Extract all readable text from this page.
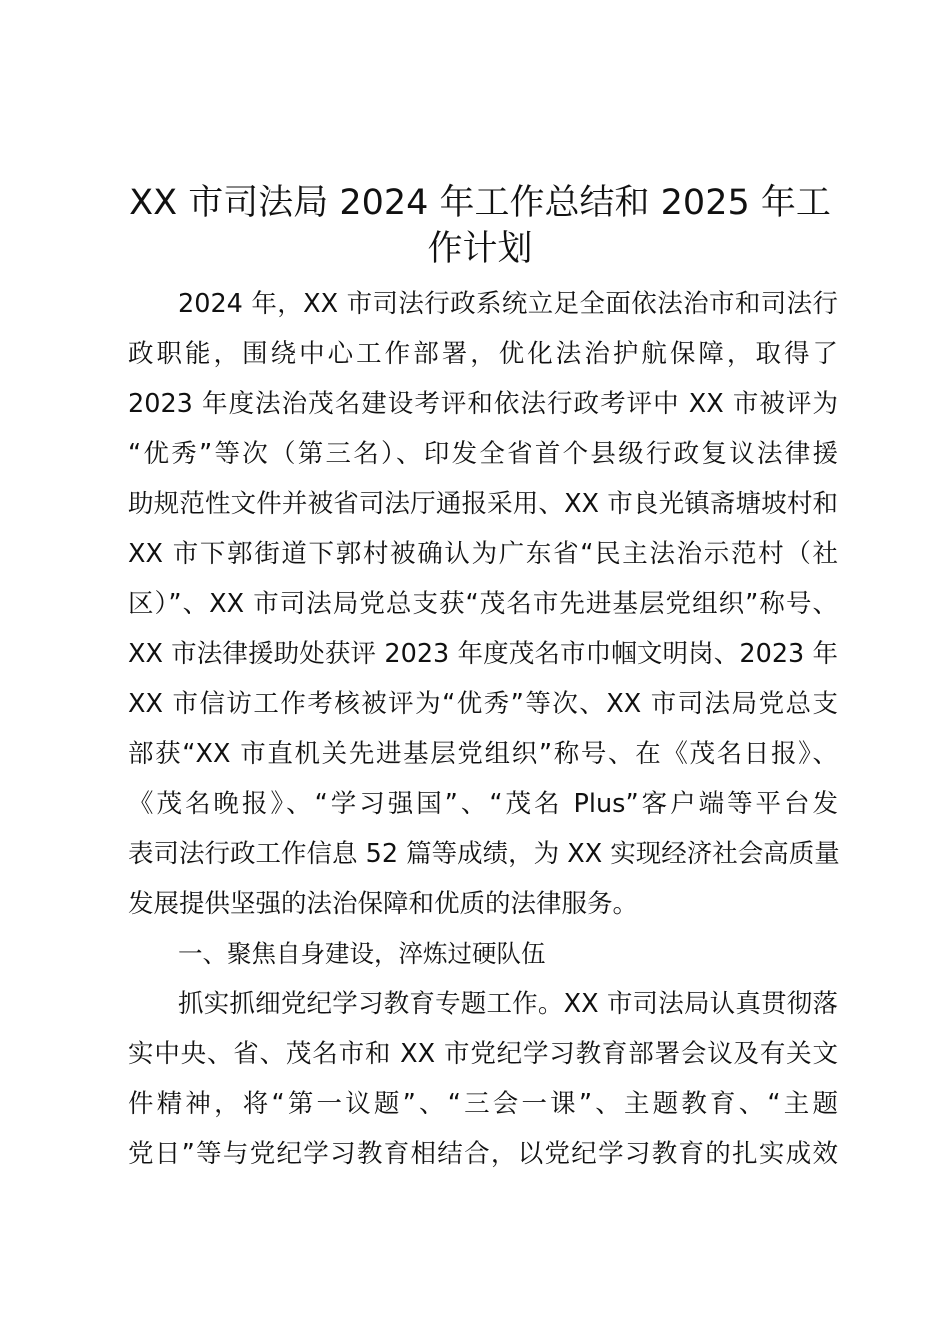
XX 市司法局 2024 年工作总结和 2025 年工
作计划
2024 年，XX 市司法行政系统立足全面依法治市和司法行
政职能，围绕中心工作部署，优化法治护航保障，取得了
2023 年度法治茂名建设考评和依法行政考评中 XX 市被评为
“优秀”等次（第三名）、印发全省首个县级行政复议法律援
助规范性文件并被省司法厅通报采用、XX 市良光镇斋塘坡村和
XX 市下郭街道下郭村被确认为广东省“民主法治示范村（社
区）”、XX 市司法局党总支获“茂名市先进基层党组织”称号、
XX 市法律援助处获评 2023 年度茂名市巾帼文明岗、2023 年
XX 市信访工作考核被评为“优秀”等次、XX 市司法局党总支
部获“XX 市直机关先进基层党组织”称号、在《茂名日报》、
《茂名晚报》、“学习强国”、“茂名 Plus”客户端等平台发
表司法行政工作信息 52 篇等成绩，为 XX 实现经济社会高质量
发展提供坚强的法治保障和优质的法律服务。
一、聚焦自身建设，淬炼过硬队伍
抓实抓细党纪学习教育专题工作。XX 市司法局认真贯彻落
实中央、省、茂名市和 XX 市党纪学习教育部署会议及有关文
件精神，将“第一议题”、“三会一课”、主题教育、“主题
党日”等与党纪学习教育相结合，以党纪学习教育的扎实成效
